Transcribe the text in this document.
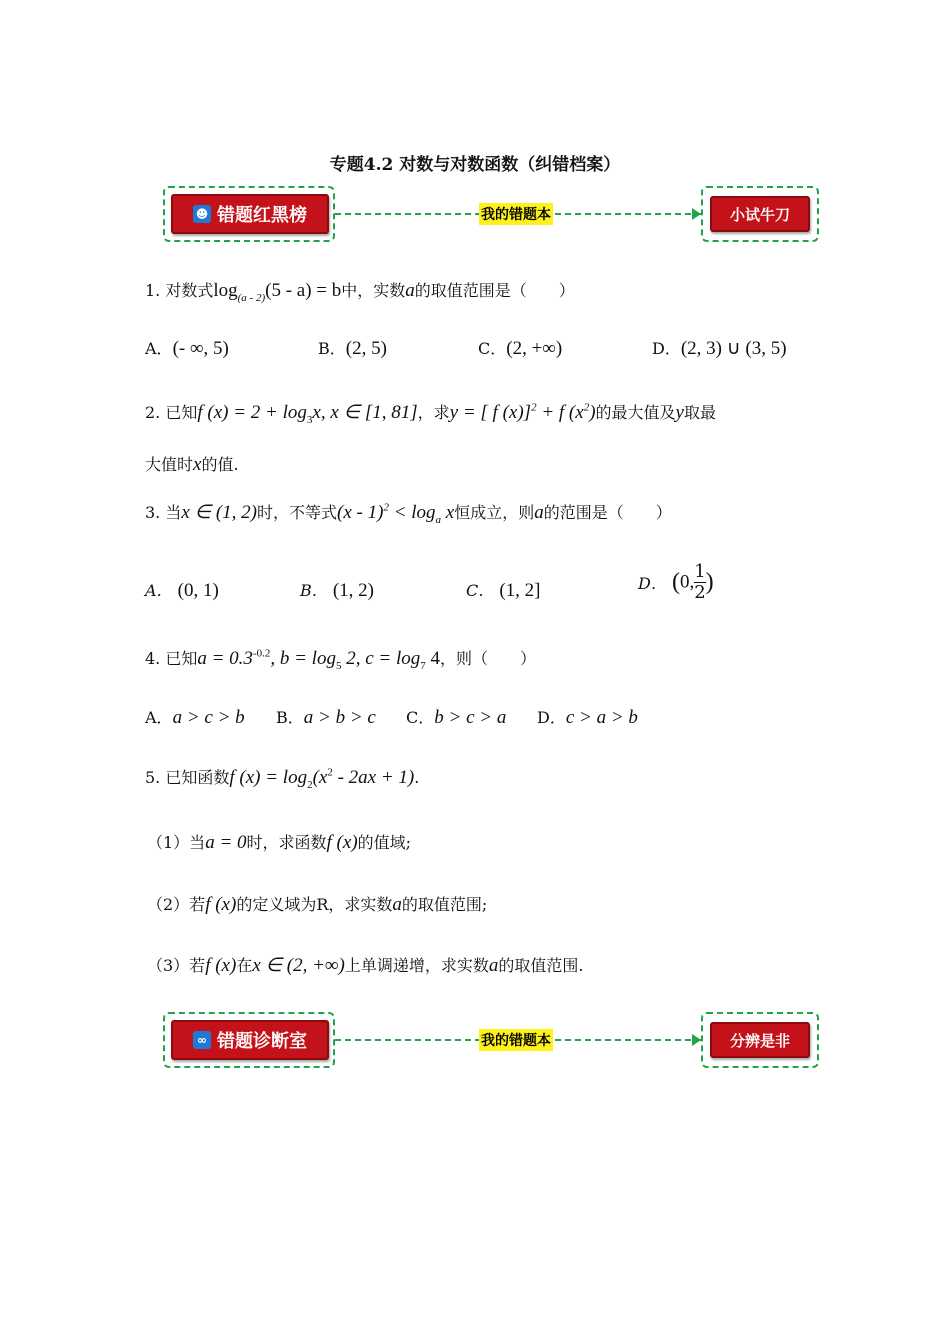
专题4.2 对数与对数函数（纠错档案）
☻ 错题红黑榜	我的错题本	小试牛刀
1. 对数式$\log_{(a - 2)}(5 - a) = b$中，实数a的取值范围是（　　）
A．(- ∞, 5)	B．(2, 5)	C．(2, +∞)	D．(2, 3) ∪ (3, 5)
2. 已知f $(x) = 2 + \log_3x$, x ∈ [1, 81]，求y = [ f (x)]$^2$ + f $(x^2)$的最大值及y取最
大值时x的值.
3. 当x ∈ (1, 2)时，不等式$(x - 1)^2 < \log_a x$恒成立，则a的范围是（　　）
A． (0, 1)	B． (1, 2)	C． (1, 2]	D． (0, $\frac{1}{2}$ )
4. 已知$a = 0.3^{-0.2}$, $b = \log_5 2$, $c = \log_7 4$，则（　　）
A．a > c > b B．a > b > c C．b > c > a D．c > a > b
5. 已知函数f $(x) = \log_2(x^2 - 2ax + 1)$.
（1）当a = 0时，求函数f (x)的值域;
（2）若f (x)的定义域为R，求实数a的取值范围;
（3）若f (x)在x ∈ (2, +∞)上单调递增，求实数a的取值范围.
∞ 错题诊断室	我的错题本	分辨是非
